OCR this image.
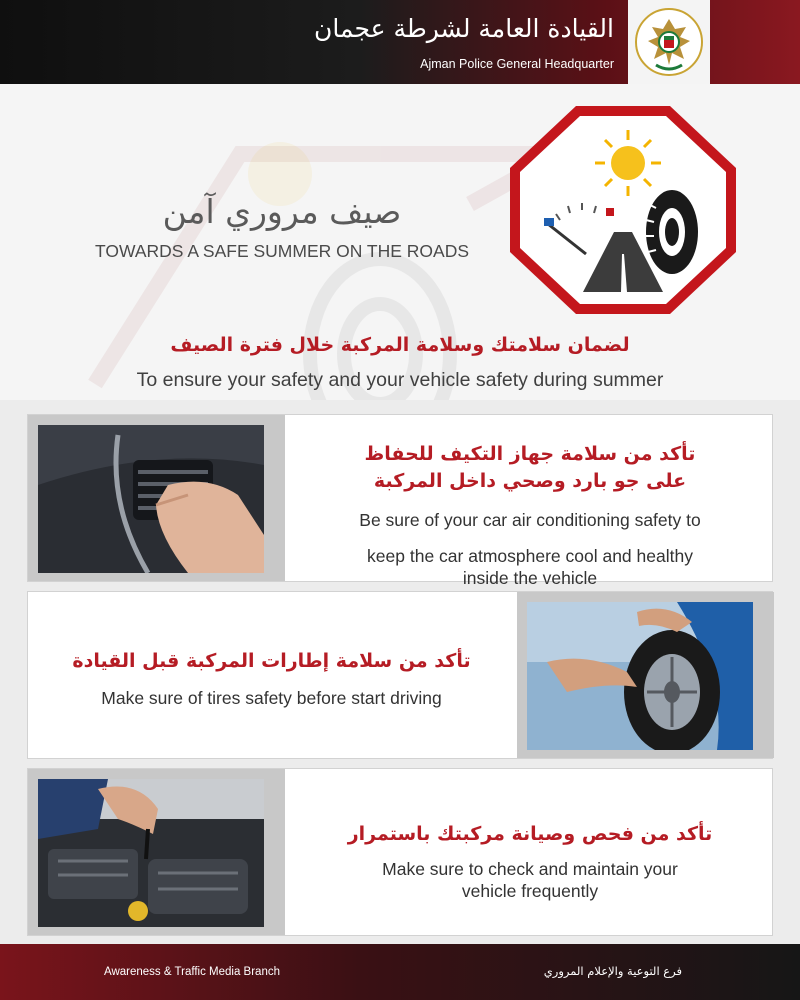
القيادة العامة لشرطة عجمان
Ajman Police General Headquarter
صيف مروري آمن
TOWARDS A SAFE SUMMER ON THE ROADS
لضمان سلامتك وسلامة المركبة خلال فترة الصيف
To ensure your safety and your vehicle safety during summer
تأكد من سلامة جهاز التكيف للحفاظ
على جو بارد وصحي داخل المركبة
Be sure of your car air conditioning safety to
keep the car atmosphere cool and healthy
inside the vehicle
تأكد من سلامة إطارات المركبة قبل القيادة
Make sure of tires safety before start driving
تأكد من فحص وصيانة مركبتك باستمرار
Make sure to check and maintain your
vehicle frequently
Awareness & Traffic Media Branch	فرع التوعية والإعلام المروري
